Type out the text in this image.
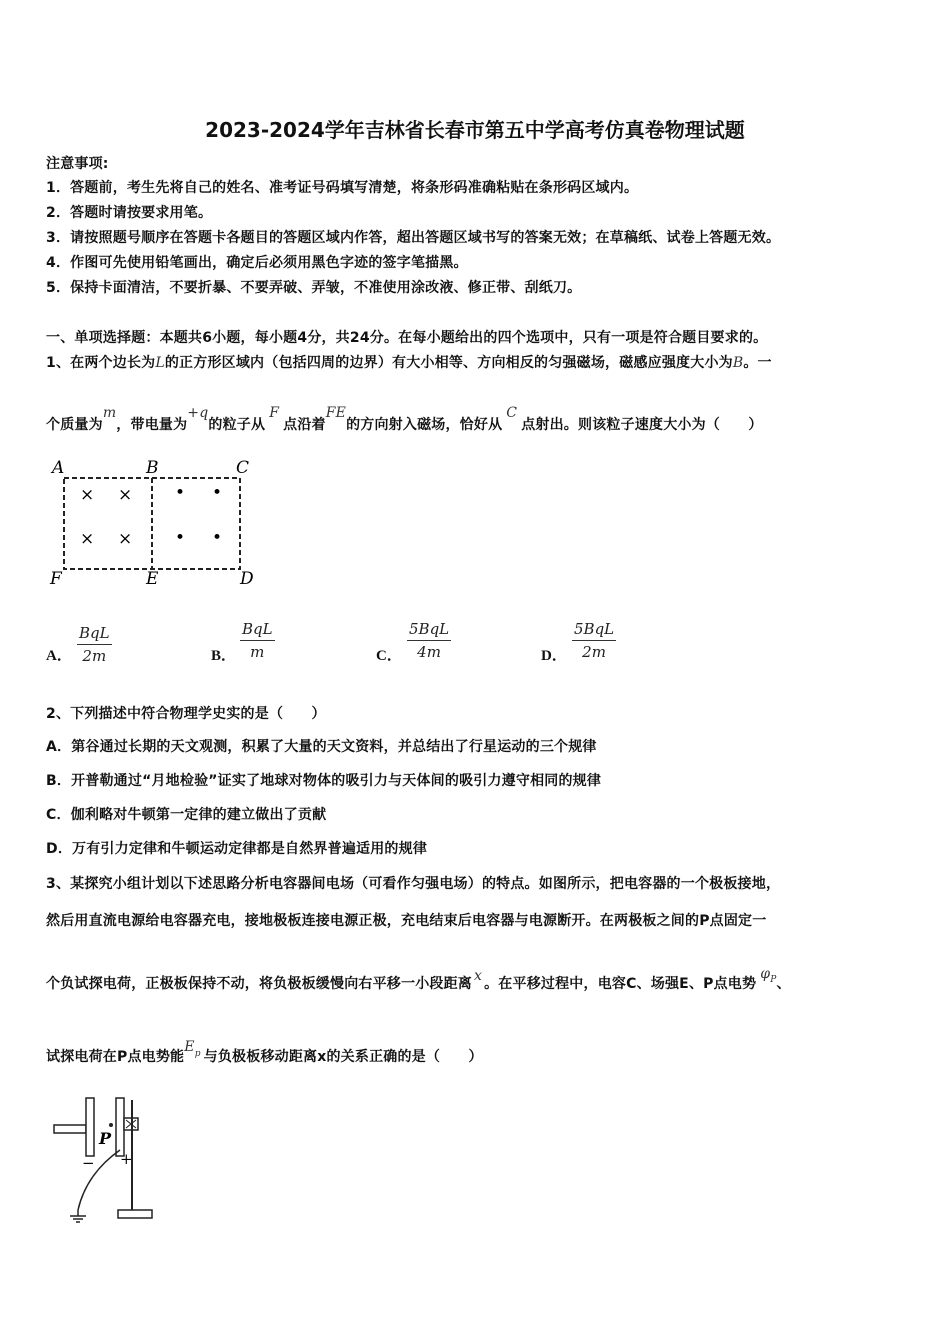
2023-2024学年吉林省长春市第五中学高考仿真卷物理试题
注意事项:
1．答题前，考生先将自己的姓名、准考证号码填写清楚，将条形码准确粘贴在条形码区域内。
2．答题时请按要求用笔。
3．请按照题号顺序在答题卡各题目的答题区域内作答，超出答题区域书写的答案无效；在草稿纸、试卷上答题无效。
4．作图可先使用铅笔画出，确定后必须用黑色字迹的签字笔描黑。
5．保持卡面清洁，不要折暴、不要弄破、弄皱，不准使用涂改液、修正带、刮纸刀。
一、单项选择题：本题共6小题，每小题4分，共24分。在每小题给出的四个选项中，只有一项是符合题目要求的。
1、在两个边长为L的正方形区域内（包括四周的边界）有大小相等、方向相反的匀强磁场，磁感应强度大小为B。一
个质量为m，带电量为+q的粒子从F点沿着FE的方向射入磁场，恰好从C点射出。则该粒子速度大小为（　　）
A	B	C
F	E	D
× ×
× ×
• •
• •
A．
BqL
2m	B．
BqL
m	C．
5BqL
4m	D．
5BqL
2m
2、下列描述中符合物理学史实的是（　　）
A．第谷通过长期的天文观测，积累了大量的天文资料，并总结出了行星运动的三个规律
B．开普勒通过“月地检验”证实了地球对物体的吸引力与天体间的吸引力遵守相同的规律
C．伽利略对牛顿第一定律的建立做出了贡献
D．万有引力定律和牛顿运动定律都是自然界普遍适用的规律
3、某探究小组计划以下述思路分析电容器间电场（可看作匀强电场）的特点。如图所示，把电容器的一个极板接地，
然后用直流电源给电容器充电，接地极板连接电源正极，充电结束后电容器与电源断开。在两极板之间的P点固定一
个负试探电荷，正极板保持不动，将负极板缓慢向右平移一小段距离 x 。在平移过程中，电容C、场强E、P点电势$\varphi^P$、
试探电荷在P点电势能$E^p$ 与负极板移动距离x的关系正确的是（　　）
P
− +
